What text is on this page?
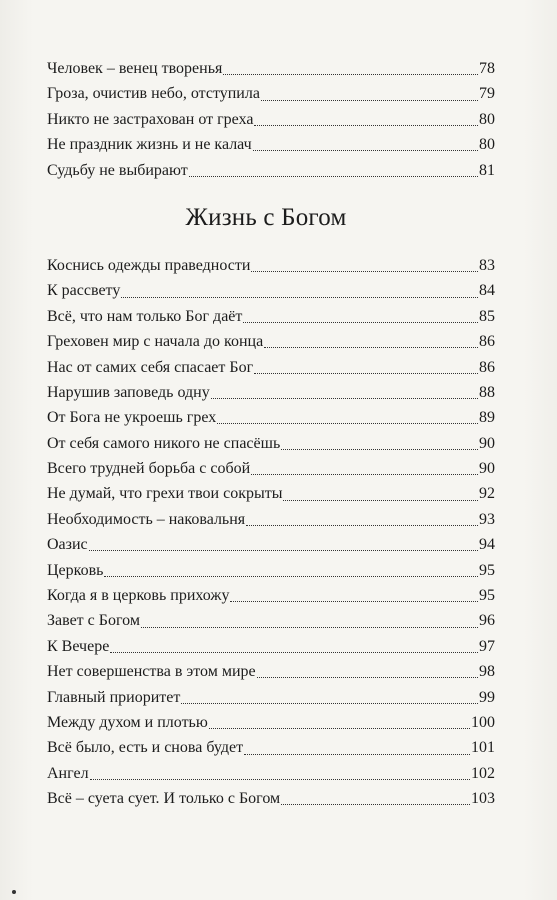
Человек – венец творенья	78
Гроза, очистив небо, отступила	79
Никто не застрахован от греха	80
Не праздник жизнь и не калач	80
Судьбу не выбирают	81
Жизнь с Богом
Коснись одежды праведности	83
К рассвету	84
Всё, что нам только Бог даёт	85
Греховен мир с начала до конца	86
Нас от самих себя спасает Бог	86
Нарушив заповедь одну	88
От Бога не укроешь грех	89
От себя самого никого не спасёшь	90
Всего трудней борьба с собой	90
Не думай, что грехи твои сокрыты	92
Необходимость – наковальня	93
Оазис	94
Церковь	95
Когда я в церковь прихожу	95
Завет с Богом	96
К Вечере	97
Нет совершенства в этом мире	98
Главный приоритет	99
Между духом и плотью	100
Всё было, есть и снова будет	101
Ангел	102
Всё – суета сует. И только с Богом	103
